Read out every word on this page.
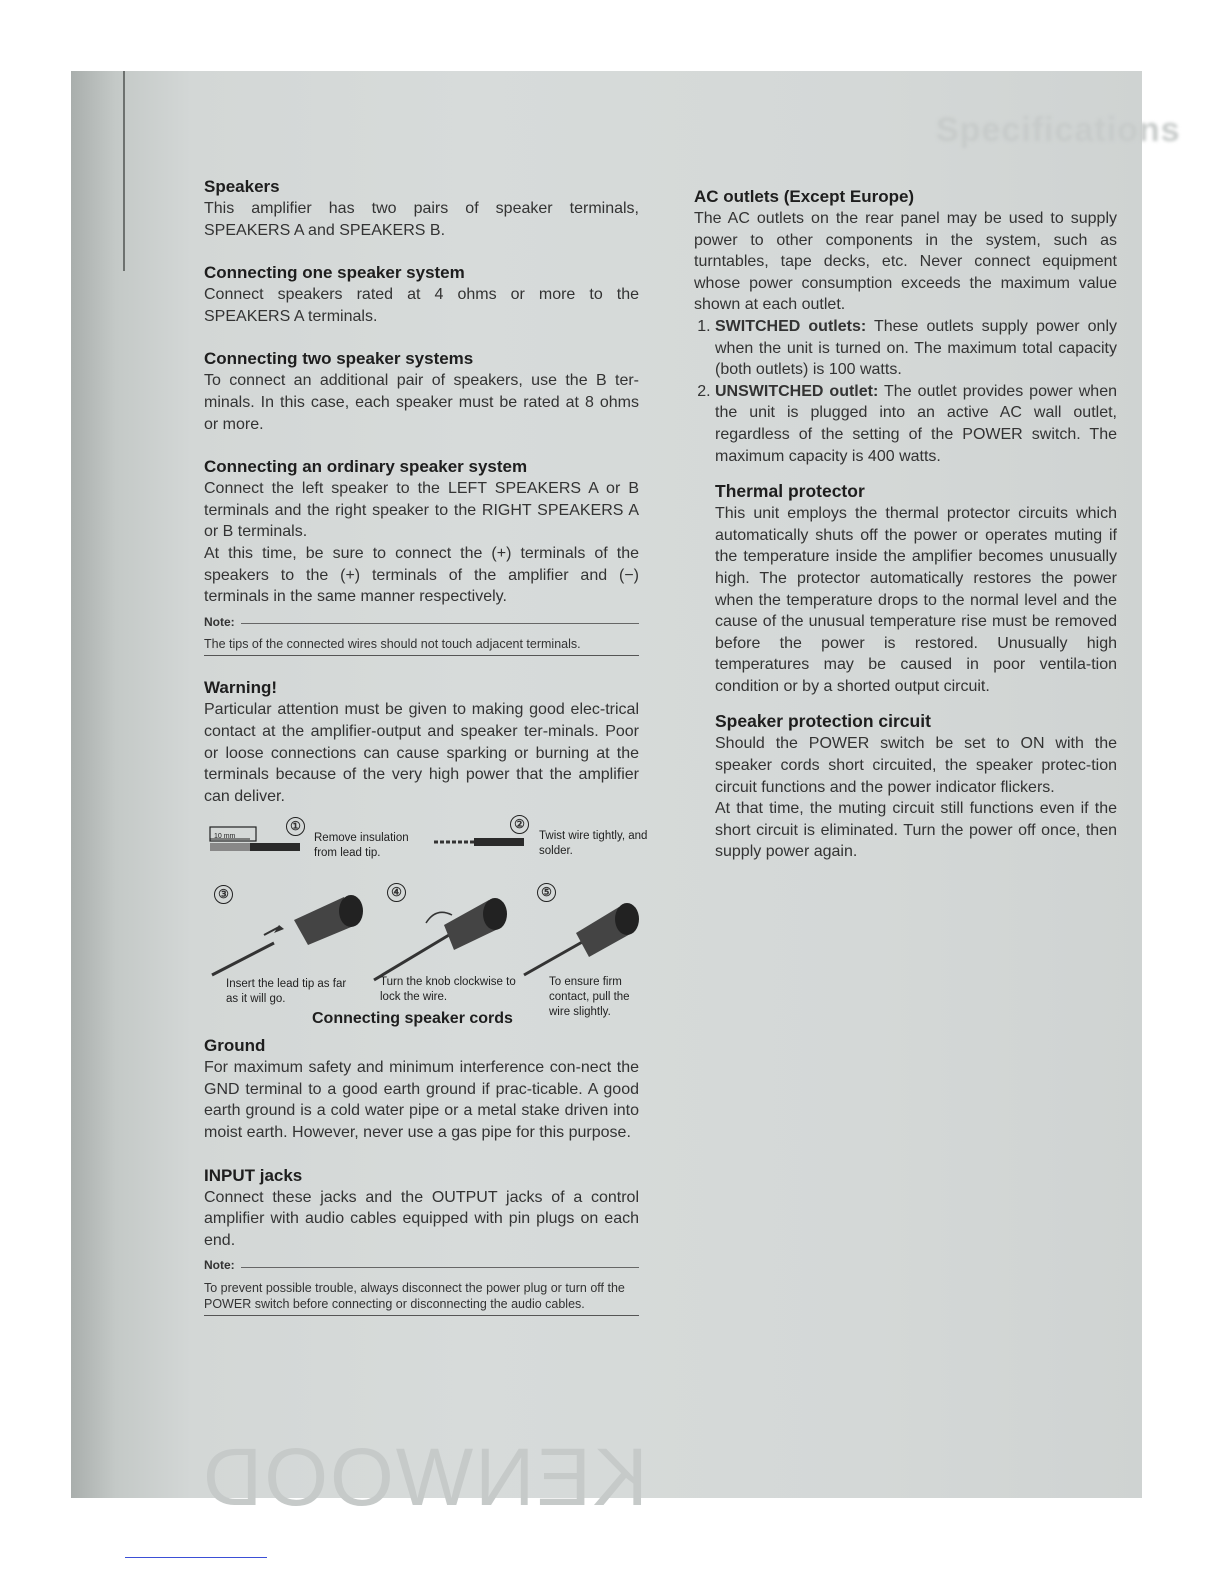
Specifications
KENWOOD
Speakers

This amplifier has two pairs of speaker terminals, SPEAKERS A and SPEAKERS B.

Connecting one speaker system

Connect speakers rated at 4 ohms or more to the SPEAKERS A terminals.

Connecting two speaker systems

To connect an additional pair of speakers, use the B ter-minals. In this case, each speaker must be rated at 8 ohms or more.

Connecting an ordinary speaker system

Connect the left speaker to the LEFT SPEAKERS A or B terminals and the right speaker to the RIGHT SPEAKERS A or B terminals.

At this time, be sure to connect the (+) terminals of the speakers to the (+) terminals of the amplifier and (−) terminals in the same manner respectively.

Note:
The tips of the connected wires should not touch adjacent terminals.
Warning!

Particular attention must be given to making good elec-trical contact at the amplifier-output and speaker ter-minals. Poor or loose connections can cause sparking or burning at the terminals because of the very high power that the amplifier can deliver.

10 mm
①
Remove insulation from lead tip.
②
Twist wire tightly, and solder.
③	④	⑤
Insert the lead tip as far as it will go.
Turn the knob clockwise to lock the wire.
To ensure firm contact, pull the wire slightly.
Connecting speaker cords
Ground

For maximum safety and minimum interference con-nect the GND terminal to a good earth ground if prac-ticable. A good earth ground is a cold water pipe or a metal stake driven into moist earth. However, never use a gas pipe for this purpose.

INPUT jacks

Connect these jacks and the OUTPUT jacks of a control amplifier with audio cables equipped with pin plugs on each end.

Note:
To prevent possible trouble, always disconnect the power plug or turn off the POWER switch before connecting or disconnecting the audio cables.
AC outlets (Except Europe)

The AC outlets on the rear panel may be used to supply power to other components in the system, such as turntables, tape decks, etc. Never connect equipment whose power consumption exceeds the maximum value shown at each outlet.

1. SWITCHED outlets: These outlets supply power only when the unit is turned on. The maximum total capacity (both outlets) is 100 watts.
2. UNSWITCHED outlet: The outlet provides power when the unit is plugged into an active AC wall outlet, regardless of the setting of the POWER switch. The maximum capacity is 400 watts.
Thermal protector

This unit employs the thermal protector circuits which automatically shuts off the power or operates muting if the temperature inside the amplifier becomes unusually high. The protector automatically restores the power when the temperature drops to the normal level and the cause of the unusual temperature rise must be removed before the power is restored. Unusually high temperatures may be caused in poor ventila-tion condition or by a shorted output circuit.

Speaker protection circuit

Should the POWER switch be set to ON with the speaker cords short circuited, the speaker protec-tion circuit functions and the power indicator flickers.

At that time, the muting circuit still functions even if the short circuit is eliminated. Turn the power off once, then supply power again.
